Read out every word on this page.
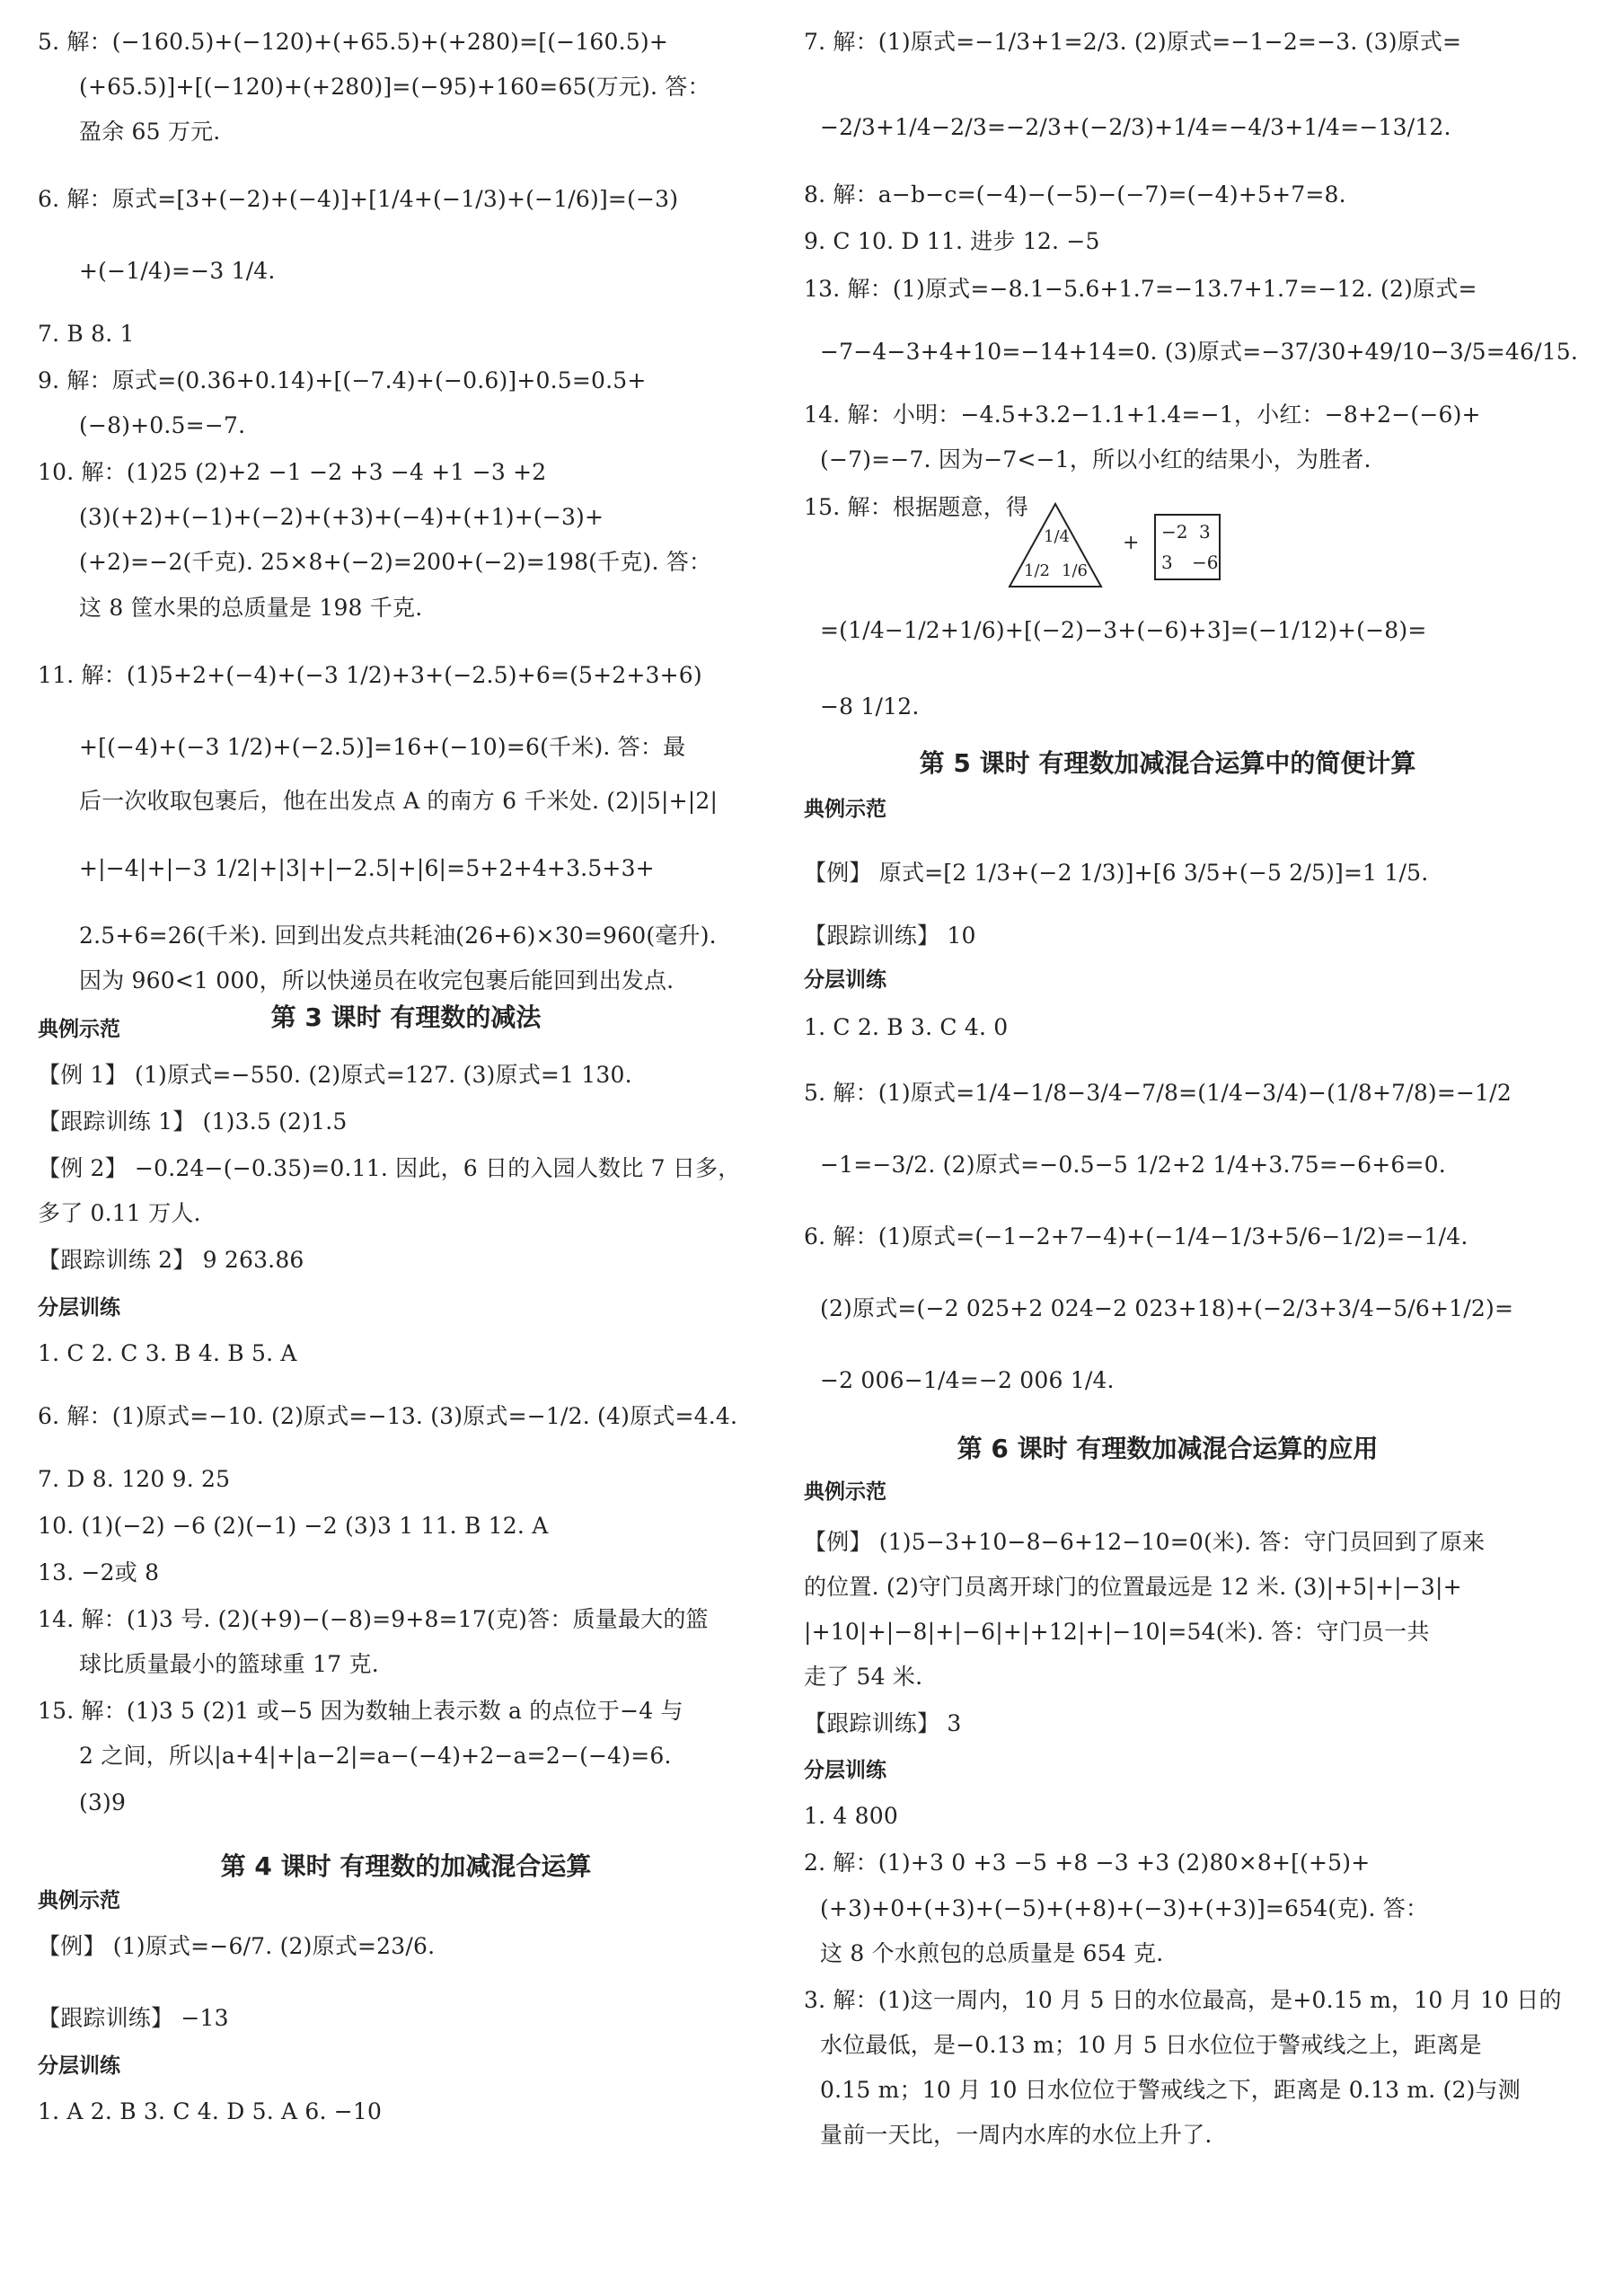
5. 解：(−160.5)+(−120)+(+65.5)+(+280)=[(−160.5)+
(+65.5)]+[(−120)+(+280)]=(−95)+160=65(万元). 答：
盈余 65 万元.
6. 解：原式=[3+(−2)+(−4)]+[1/4+(−1/3)+(−1/6)]=(−3)
+(−1/4)=−3 1/4.
7. B 8. 1
9. 解：原式=(0.36+0.14)+[(−7.4)+(−0.6)]+0.5=0.5+
(−8)+0.5=−7.
10. 解：(1)25 (2)+2 −1 −2 +3 −4 +1 −3 +2
(3)(+2)+(−1)+(−2)+(+3)+(−4)+(+1)+(−3)+
(+2)=−2(千克). 25×8+(−2)=200+(−2)=198(千克). 答：
这 8 筐水果的总质量是 198 千克.
11. 解：(1)5+2+(−4)+(−3 1/2)+3+(−2.5)+6=(5+2+3+6)
+[(−4)+(−3 1/2)+(−2.5)]=16+(−10)=6(千米). 答：最
后一次收取包裹后，他在出发点 A 的南方 6 千米处. (2)|5|+|2|
+|−4|+|−3 1/2|+|3|+|−2.5|+|6|=5+2+4+3.5+3+
2.5+6=26(千米). 回到出发点共耗油(26+6)×30=960(毫升).
因为 960<1 000，所以快递员在收完包裹后能回到出发点.
【例 1】 (1)原式=−550. (2)原式=127. (3)原式=1 130.
【跟踪训练 1】 (1)3.5 (2)1.5
【例 2】 −0.24−(−0.35)=0.11. 因此，6 日的入园人数比 7 日多，
多了 0.11 万人.
【跟踪训练 2】 9 263.86
1. C 2. C 3. B 4. B 5. A
6. 解：(1)原式=−10. (2)原式=−13. (3)原式=−1/2. (4)原式=4.4.
7. D 8. 120 9. 25
10. (1)(−2) −6 (2)(−1) −2 (3)3 1 11. B 12. A
13. −2或 8
14. 解：(1)3 号. (2)(+9)−(−8)=9+8=17(克)答：质量最大的篮
球比质量最小的篮球重 17 克.
15. 解：(1)3 5 (2)1 或−5 因为数轴上表示数 a 的点位于−4 与
2 之间，所以|a+4|+|a−2|=a−(−4)+2−a=2−(−4)=6.
(3)9
【例】 (1)原式=−6/7. (2)原式=23/6.
【跟踪训练】 −13
1. A 2. B 3. C 4. D 5. A 6. −10
第 3 课时 有理数的减法
第 4 课时 有理数的加减混合运算
典例示范
分层训练
典例示范
分层训练
1/4
1/2 1/6
+ −2 3
3 −6
7. 解：(1)原式=−1/3+1=2/3. (2)原式=−1−2=−3. (3)原式=
−2/3+1/4−2/3=−2/3+(−2/3)+1/4=−4/3+1/4=−13/12.
8. 解：a−b−c=(−4)−(−5)−(−7)=(−4)+5+7=8.
9. C 10. D 11. 进步 12. −5
13. 解：(1)原式=−8.1−5.6+1.7=−13.7+1.7=−12. (2)原式=
−7−4−3+4+10=−14+14=0. (3)原式=−37/30+49/10−3/5=46/15.
14. 解：小明：−4.5+3.2−1.1+1.4=−1，小红：−8+2−(−6)+
(−7)=−7. 因为−7<−1，所以小红的结果小，为胜者.
15. 解：根据题意，得
=(1/4−1/2+1/6)+[(−2)−3+(−6)+3]=(−1/12)+(−8)=
−8 1/12.
【例】 原式=[2 1/3+(−2 1/3)]+[6 3/5+(−5 2/5)]=1 1/5.
【跟踪训练】 10
1. C 2. B 3. C 4. 0
5. 解：(1)原式=1/4−1/8−3/4−7/8=(1/4−3/4)−(1/8+7/8)=−1/2
−1=−3/2. (2)原式=−0.5−5 1/2+2 1/4+3.75=−6+6=0.
6. 解：(1)原式=(−1−2+7−4)+(−1/4−1/3+5/6−1/2)=−1/4.
(2)原式=(−2 025+2 024−2 023+18)+(−2/3+3/4−5/6+1/2)=
−2 006−1/4=−2 006 1/4.
【例】 (1)5−3+10−8−6+12−10=0(米). 答：守门员回到了原来
的位置. (2)守门员离开球门的位置最远是 12 米. (3)|+5|+|−3|+
|+10|+|−8|+|−6|+|+12|+|−10|=54(米). 答：守门员一共
走了 54 米.
【跟踪训练】 3
1. 4 800
2. 解：(1)+3 0 +3 −5 +8 −3 +3 (2)80×8+[(+5)+
(+3)+0+(+3)+(−5)+(+8)+(−3)+(+3)]=654(克). 答：
这 8 个水煎包的总质量是 654 克.
3. 解：(1)这一周内，10 月 5 日的水位最高，是+0.15 m，10 月 10 日的
水位最低，是−0.13 m；10 月 5 日水位位于警戒线之上，距离是
0.15 m；10 月 10 日水位位于警戒线之下，距离是 0.13 m. (2)与测
量前一天比，一周内水库的水位上升了.
第 5 课时 有理数加减混合运算中的简便计算
第 6 课时 有理数加减混合运算的应用
典例示范
分层训练
典例示范
分层训练
